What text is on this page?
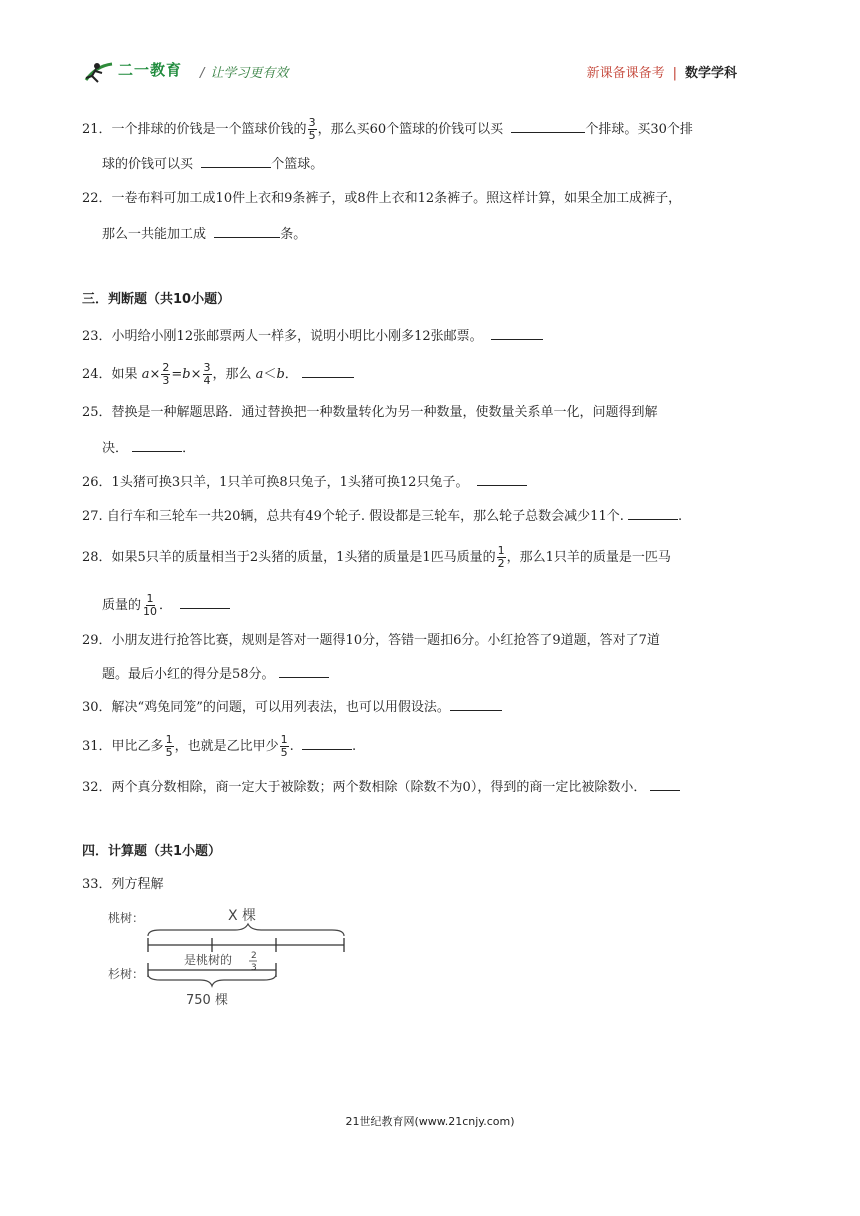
二一教育 / 让学习更有效	新课备课备考 | 数学学科
21．一个排球的价钱是一个篮球价钱的 $\frac{3}{5}$ ，那么买60个篮球的价钱可以买	个排球。买30个排
球的价钱可以买	个篮球。
22．一卷布料可加工成10件上衣和9条裤子，或8件上衣和12条裤子。照这样计算，如果全加工成裤子，
那么一共能加工成	条。
三．判断题（共10小题）
23．小明给小刚12张邮票两人一样多，说明小明比小刚多12张邮票。
24．如果 $a\times \frac{2}{3} =b\times \frac{3}{4}$ ，那么 a＜b．
25．替换是一种解题思路．通过替换把一种数量转化为另一种数量，使数量关系单一化，问题得到解
决．	．
26．1头猪可换3只羊，1只羊可换8只兔子，1头猪可换12只兔子。
27. 自行车和三轮车一共20辆，总共有49个轮子. 假设都是三轮车，那么轮子总数会减少11个.	.
28．如果5只羊的质量相当于2头猪的质量，1头猪的质量是1匹马质量的 $\frac{1}{2}$ ，那么1只羊的质量是一匹马
质量的 $\frac{1}{10}$ ．
29．小朋友进行抢答比赛，规则是答对一题得10分，答错一题扣6分。小红抢答了9道题，答对了7道
题。最后小红的得分是58分。
30．解决“鸡兔同笼”的问题，可以用列表法，也可以用假设法。
31．甲比乙多 $\frac{1}{5}$ ，也就是乙比甲少 $\frac{1}{5}$ .	.
32．两个真分数相除，商一定大于被除数；两个数相除（除数不为0），得到的商一定比被除数小．
四．计算题（共1小题）
33．列方程解
桃树：	X 棵
是桃树的 2
3
杉树：
750 棵
21世纪教育网(www.21cnjy.com)
